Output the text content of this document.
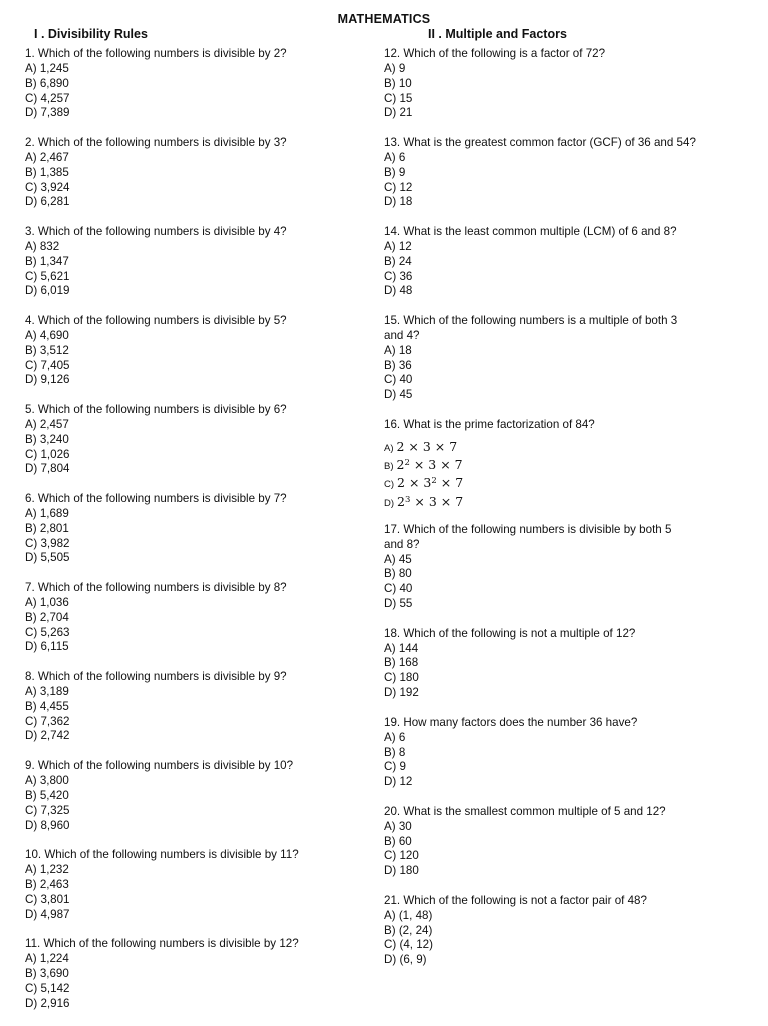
MATHEMATICS
I . Divisibility Rules	II . Multiple and Factors
1. Which of the following numbers is divisible by 2?
A) 1,245
B) 6,890
C) 4,257
D) 7,389
2. Which of the following numbers is divisible by 3?
A) 2,467
B) 1,385
C) 3,924
D) 6,281
3. Which of the following numbers is divisible by 4?
A) 832
B) 1,347
C) 5,621
D) 6,019
4. Which of the following numbers is divisible by 5?
A) 4,690
B) 3,512
C) 7,405
D) 9,126
5. Which of the following numbers is divisible by 6?
A) 2,457
B) 3,240
C) 1,026
D) 7,804
6. Which of the following numbers is divisible by 7?
A) 1,689
B) 2,801
C) 3,982
D) 5,505
7. Which of the following numbers is divisible by 8?
A) 1,036
B) 2,704
C) 5,263
D) 6,115
8. Which of the following numbers is divisible by 9?
A) 3,189
B) 4,455
C) 7,362
D) 2,742
9. Which of the following numbers is divisible by 10?
A) 3,800
B) 5,420
C) 7,325
D) 8,960
10. Which of the following numbers is divisible by 11?
A) 1,232
B) 2,463
C) 3,801
D) 4,987
11. Which of the following numbers is divisible by 12?
A) 1,224
B) 3,690
C) 5,142
D) 2,916
12. Which of the following is a factor of 72?
A) 9
B) 10
C) 15
D) 21
13. What is the greatest common factor (GCF) of 36 and 54?
A) 6
B) 9
C) 12
D) 18
14. What is the least common multiple (LCM) of 6 and 8?
A) 12
B) 24
C) 36
D) 48
15. Which of the following numbers is a multiple of both 3
and 4?
A) 18
B) 36
C) 40
D) 45
16. What is the prime factorization of 84?
A) 2 × 3 × 7
B) $2^2 \times 3 \times 7$
C) $2 \times 3^2 \times 7$
D) $2^3 \times 3 \times 7$
17. Which of the following numbers is divisible by both 5
and 8?
A) 45
B) 80
C) 40
D) 55
18. Which of the following is not a multiple of 12?
A) 144
B) 168
C) 180
D) 192
19. How many factors does the number 36 have?
A) 6
B) 8
C) 9
D) 12
20. What is the smallest common multiple of 5 and 12?
A) 30
B) 60
C) 120
D) 180
21. Which of the following is not a factor pair of 48?
A) (1, 48)
B) (2, 24)
C) (4, 12)
D) (6, 9)
